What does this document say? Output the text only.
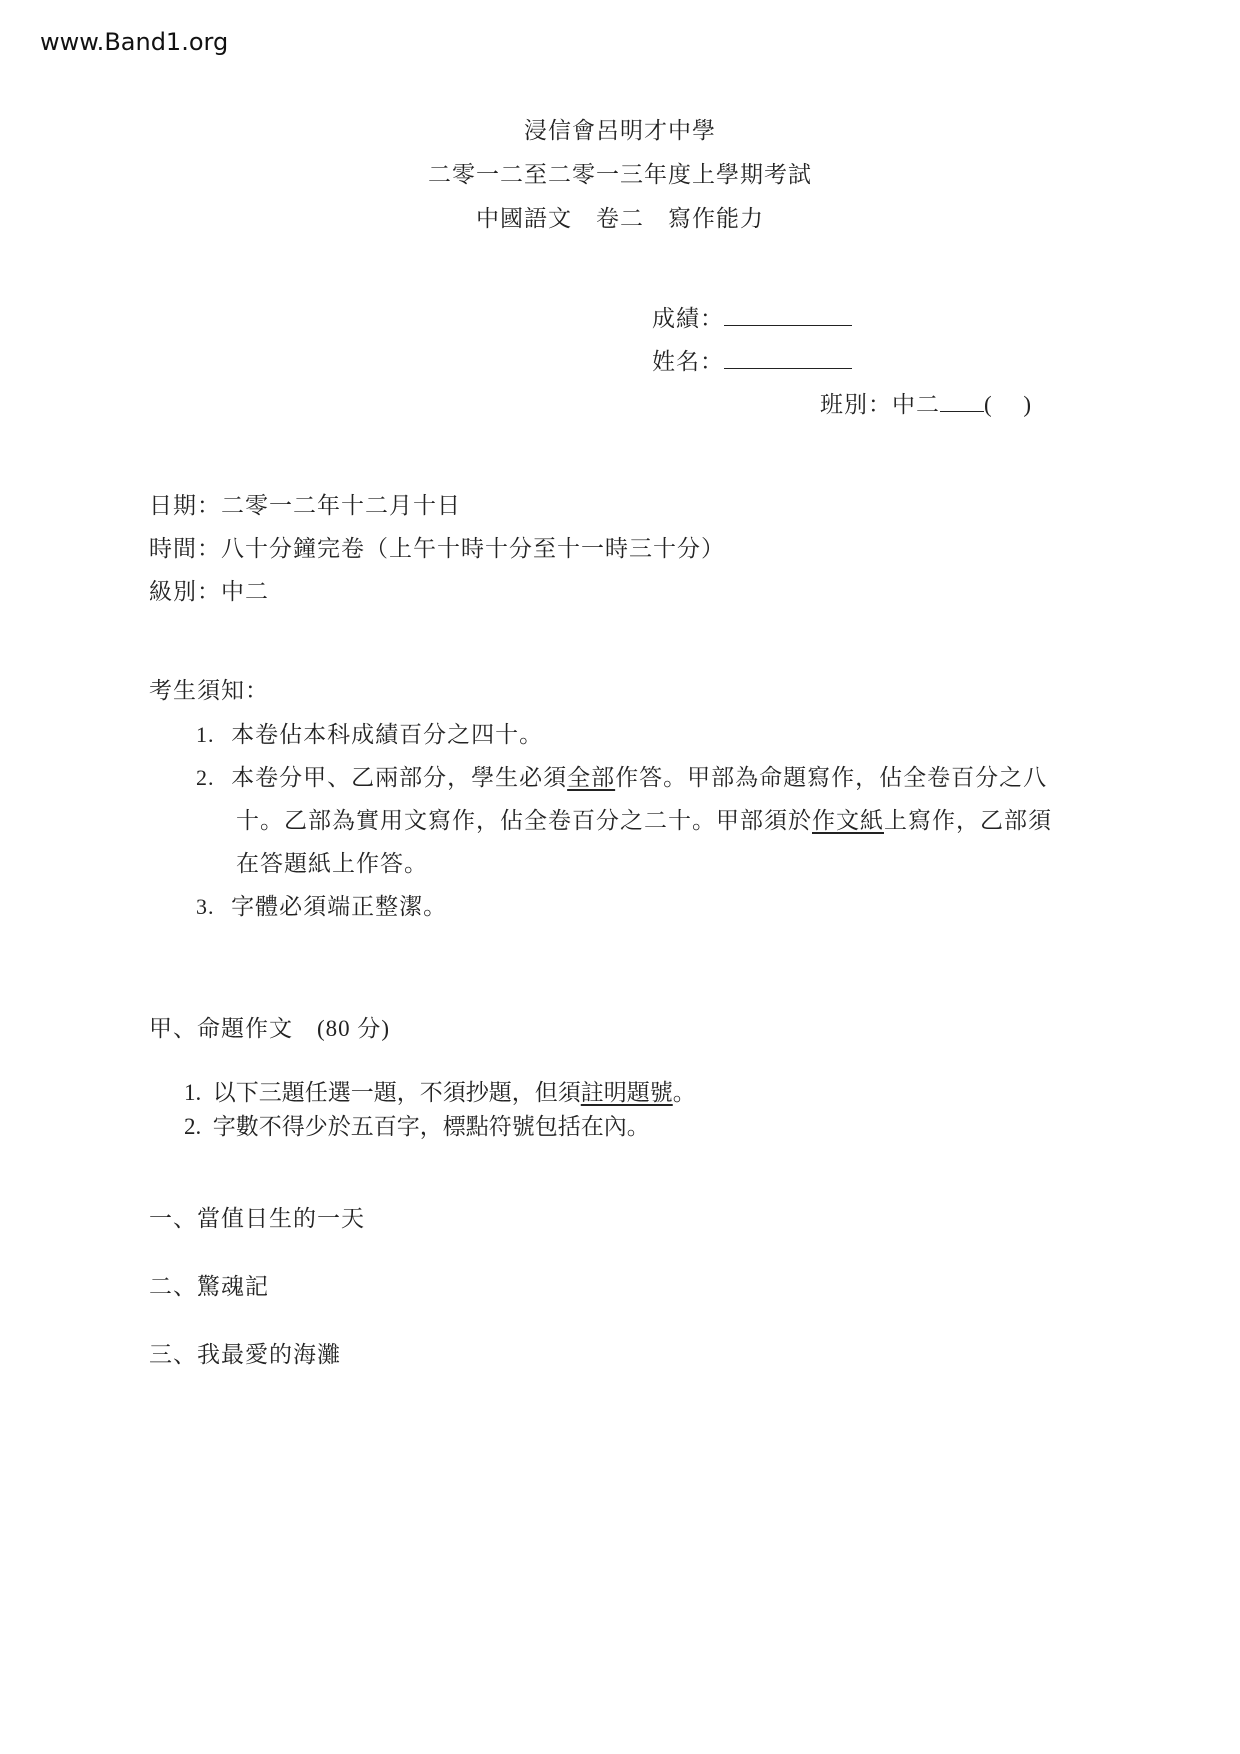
www.Band1.org
浸信會呂明才中學
二零一二至二零一三年度上學期考試
中國語文　卷二　寫作能力
成績：
姓名：
班別：中二 (　 )
日期：二零一二年十二月十日
時間：八十分鐘完卷（上午十時十分至十一時三十分）
級別：中二
考生須知：
1. 本卷佔本科成績百分之四十。
2. 本卷分甲、乙兩部分，學生必須全部作答。甲部為命題寫作，佔全卷百分之八
十。乙部為實用文寫作，佔全卷百分之二十。甲部須於作文紙上寫作，乙部須
在答題紙上作答。
3. 字體必須端正整潔。
甲、命題作文　(80 分)
1. 以下三題任選一題，不須抄題，但須註明題號。
2. 字數不得少於五百字，標點符號包括在內。
一、當值日生的一天
二、驚魂記
三、我最愛的海灘
